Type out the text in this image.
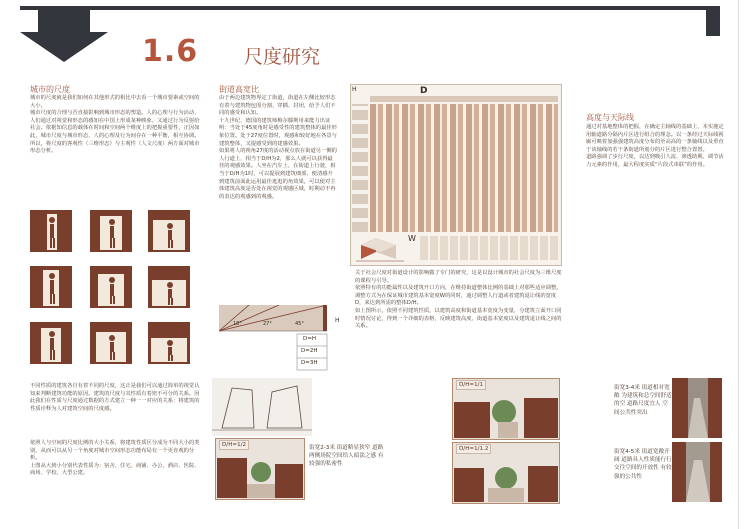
1.6 尺度研究
城市的尺度
城市的尺度就是我们如何在其他形式的相比中去看一个城市要素或空间的大小。
城市尺度的合理与否直接影响到城市形态的塑造。人的心理与行为活动、人们通过对视觉和形态的感知在中国上形成某种映象，又通过行为反射给社会。依据知信息的载体在时间和空间两个维度上的把握重要性，正因如此，城市尺度与城市形态、人的心理及行为间存在一种平衡，相互协调。
所以，将尺度的客观性（三维形态）与主观性（人文尺度）两方面对城市形态分析。
不同性质的建筑各自有着不同的尺度，这正是我们可以通过简单的视觉认知来判断建筑功能的原因。建筑的尺度与其性质有着密不可分的关系。因此我们在性质与尺度通过数据的方式建立一种一一对应的关系：将建筑的性质诠释为人对建筑空间的尺度感。
依照人与空间的尺度比例的大小关系，将建筑性质区分成为不同大小的类别，从而可以从另一个角度对城市空间形态功能布局有一个更直观的分析。
上图从大到小分别代表性质为：宿舍、住宅、商铺、办公、酒店、医院、商场、学校、大型公建。
街道高宽比
由于两边建筑物界定了街道，街道在左侧比较形态有着与建筑物包围分割、穿插、封闭，给予人们不同的感受和认知。
十九世纪，德国的建筑师梅尔滕斯用来能力出证明：当处于45度角时是感受性的建筑整体的最佳形象位置。处于27度位置时，观感和较好地在各景与建筑整体，又提感受到的建感效果。
如果将人的视角27度的活动视点放在街道另一侧的人行道上，相当于D/H为2，那么人就可以获得最佳的观感效果。人坐在汽车上，在街道上行驶，相当于D/H为1时，可以提展到建筑细部，便清感升到建筑前面此运用最佳逛逛的角效果，可以使对主体建筑高度是否处在视觉的观感区域，时期动不再的表达的观感到的观感。
18°	27°	45°
D=H
D=2H
D=3H
H
H	D
W
关于社会尺度对街道设计的影响做了专门的研究，这是以设计城市的社会尺度为三维尺度的课程与引导。
依照特有的功能属性以及建筑开口方向，在维持街道整体比例的基础上对那些适应调整。
调整方式为在保证城市建筑基本宽度W的同时，通过调整人行道或者建筑退让线的宽度D，来达到所需的整体D/H。
如上图所示，依照不同建筑性质，以建筑高度和街道基本宽度为变量，分建筑立面开口同时情况讨论，得到一个详细的表格，反映建筑高度、街道基本宽度以及建筑退让线之间的关系。
高度与天际线
通过对基地整体的把握，在确定主轴线的基础上，本实施定用轴道路分隔内片区进行组合的理念。以一条经过天际线视廊可映着加强强建筑高度分布的至高高的一条轴线以及垂直于该轴线的若干条街道所划分的片区进行整合置置。
道路强调了步行尺度，以达到吸引人流、渗透助期、调节活力元素的作用，最大程度实质“片段式串联”的作用。
D/H=1/1	街宽3-4米 街道相对宽敞 为建筑和总空间舒适的空 道路尺度宜人 空间公共性突出
D/H=1/2	街宽2-3米 街道略显狭窄 道路两侧场院空间给人暗淡之感 有较强的私密性
D/H=1/1.2	街宽4-5米 街道宽敞开阔 道路具人性质能行行交往空间的开放性 有较强的公共性
